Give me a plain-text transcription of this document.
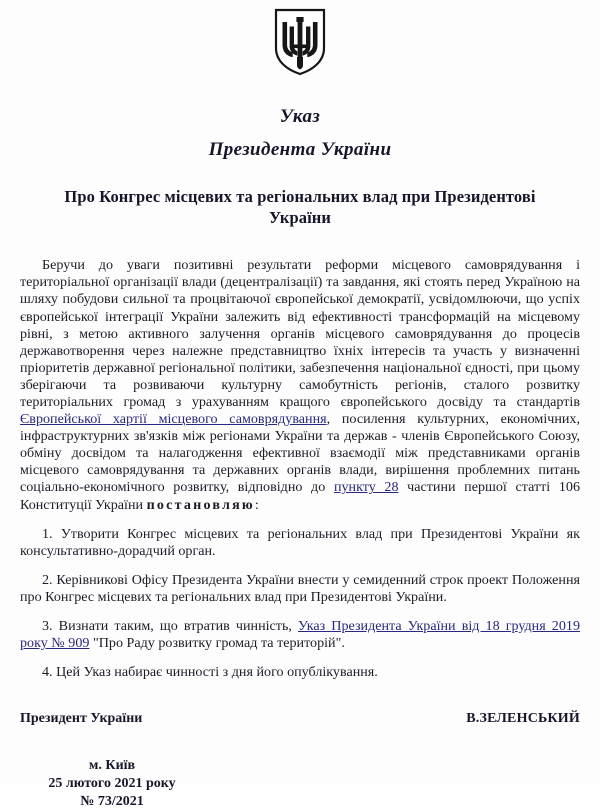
Указ
Президента України
Про Конгрес місцевих та регіональних влад при Президентові України

Беручи до уваги позитивні результати реформи місцевого самоврядування і територіальної організації влади (децентралізації) та завдання, які стоять перед Україною на шляху побудови сильної та процвітаючої європейської демократії, усвідомлюючи, що успіх європейської інтеграції України залежить від ефективності трансформацій на місцевому рівні, з метою активного залучення органів місцевого самоврядування до процесів державотворення через належне представництво їхніх інтересів та участь у визначенні пріоритетів державної регіональної політики, забезпечення національної єдності, при цьому зберігаючи та розвиваючи культурну самобутність регіонів, сталого розвитку територіальних громад з урахуванням кращого європейського досвіду та стандартів Європейської хартії місцевого самоврядування, посилення культурних, економічних, інфраструктурних зв'язків між регіонами України та держав - членів Європейського Союзу, обміну досвідом та налагодження ефективної взаємодії між представниками органів місцевого самоврядування та державних органів влади, вирішення проблемних питань соціально-економічного розвитку, відповідно до пункту 28 частини першої статті 106 Конституції України постановляю:

1. Утворити Конгрес місцевих та регіональних влад при Президентові України як консультативно-дорадчий орган.

2. Керівникові Офісу Президента України внести у семиденний строк проект Положення про Конгрес місцевих та регіональних влад при Президентові України.

3. Визнати таким, що втратив чинність, Указ Президента України від 18 грудня 2019 року № 909 "Про Раду розвитку громад та територій".

4. Цей Указ набирає чинності з дня його опублікування.

Президент України	В.ЗЕЛЕНСЬКИЙ
м. Київ
25 лютого 2021 року
№ 73/2021
